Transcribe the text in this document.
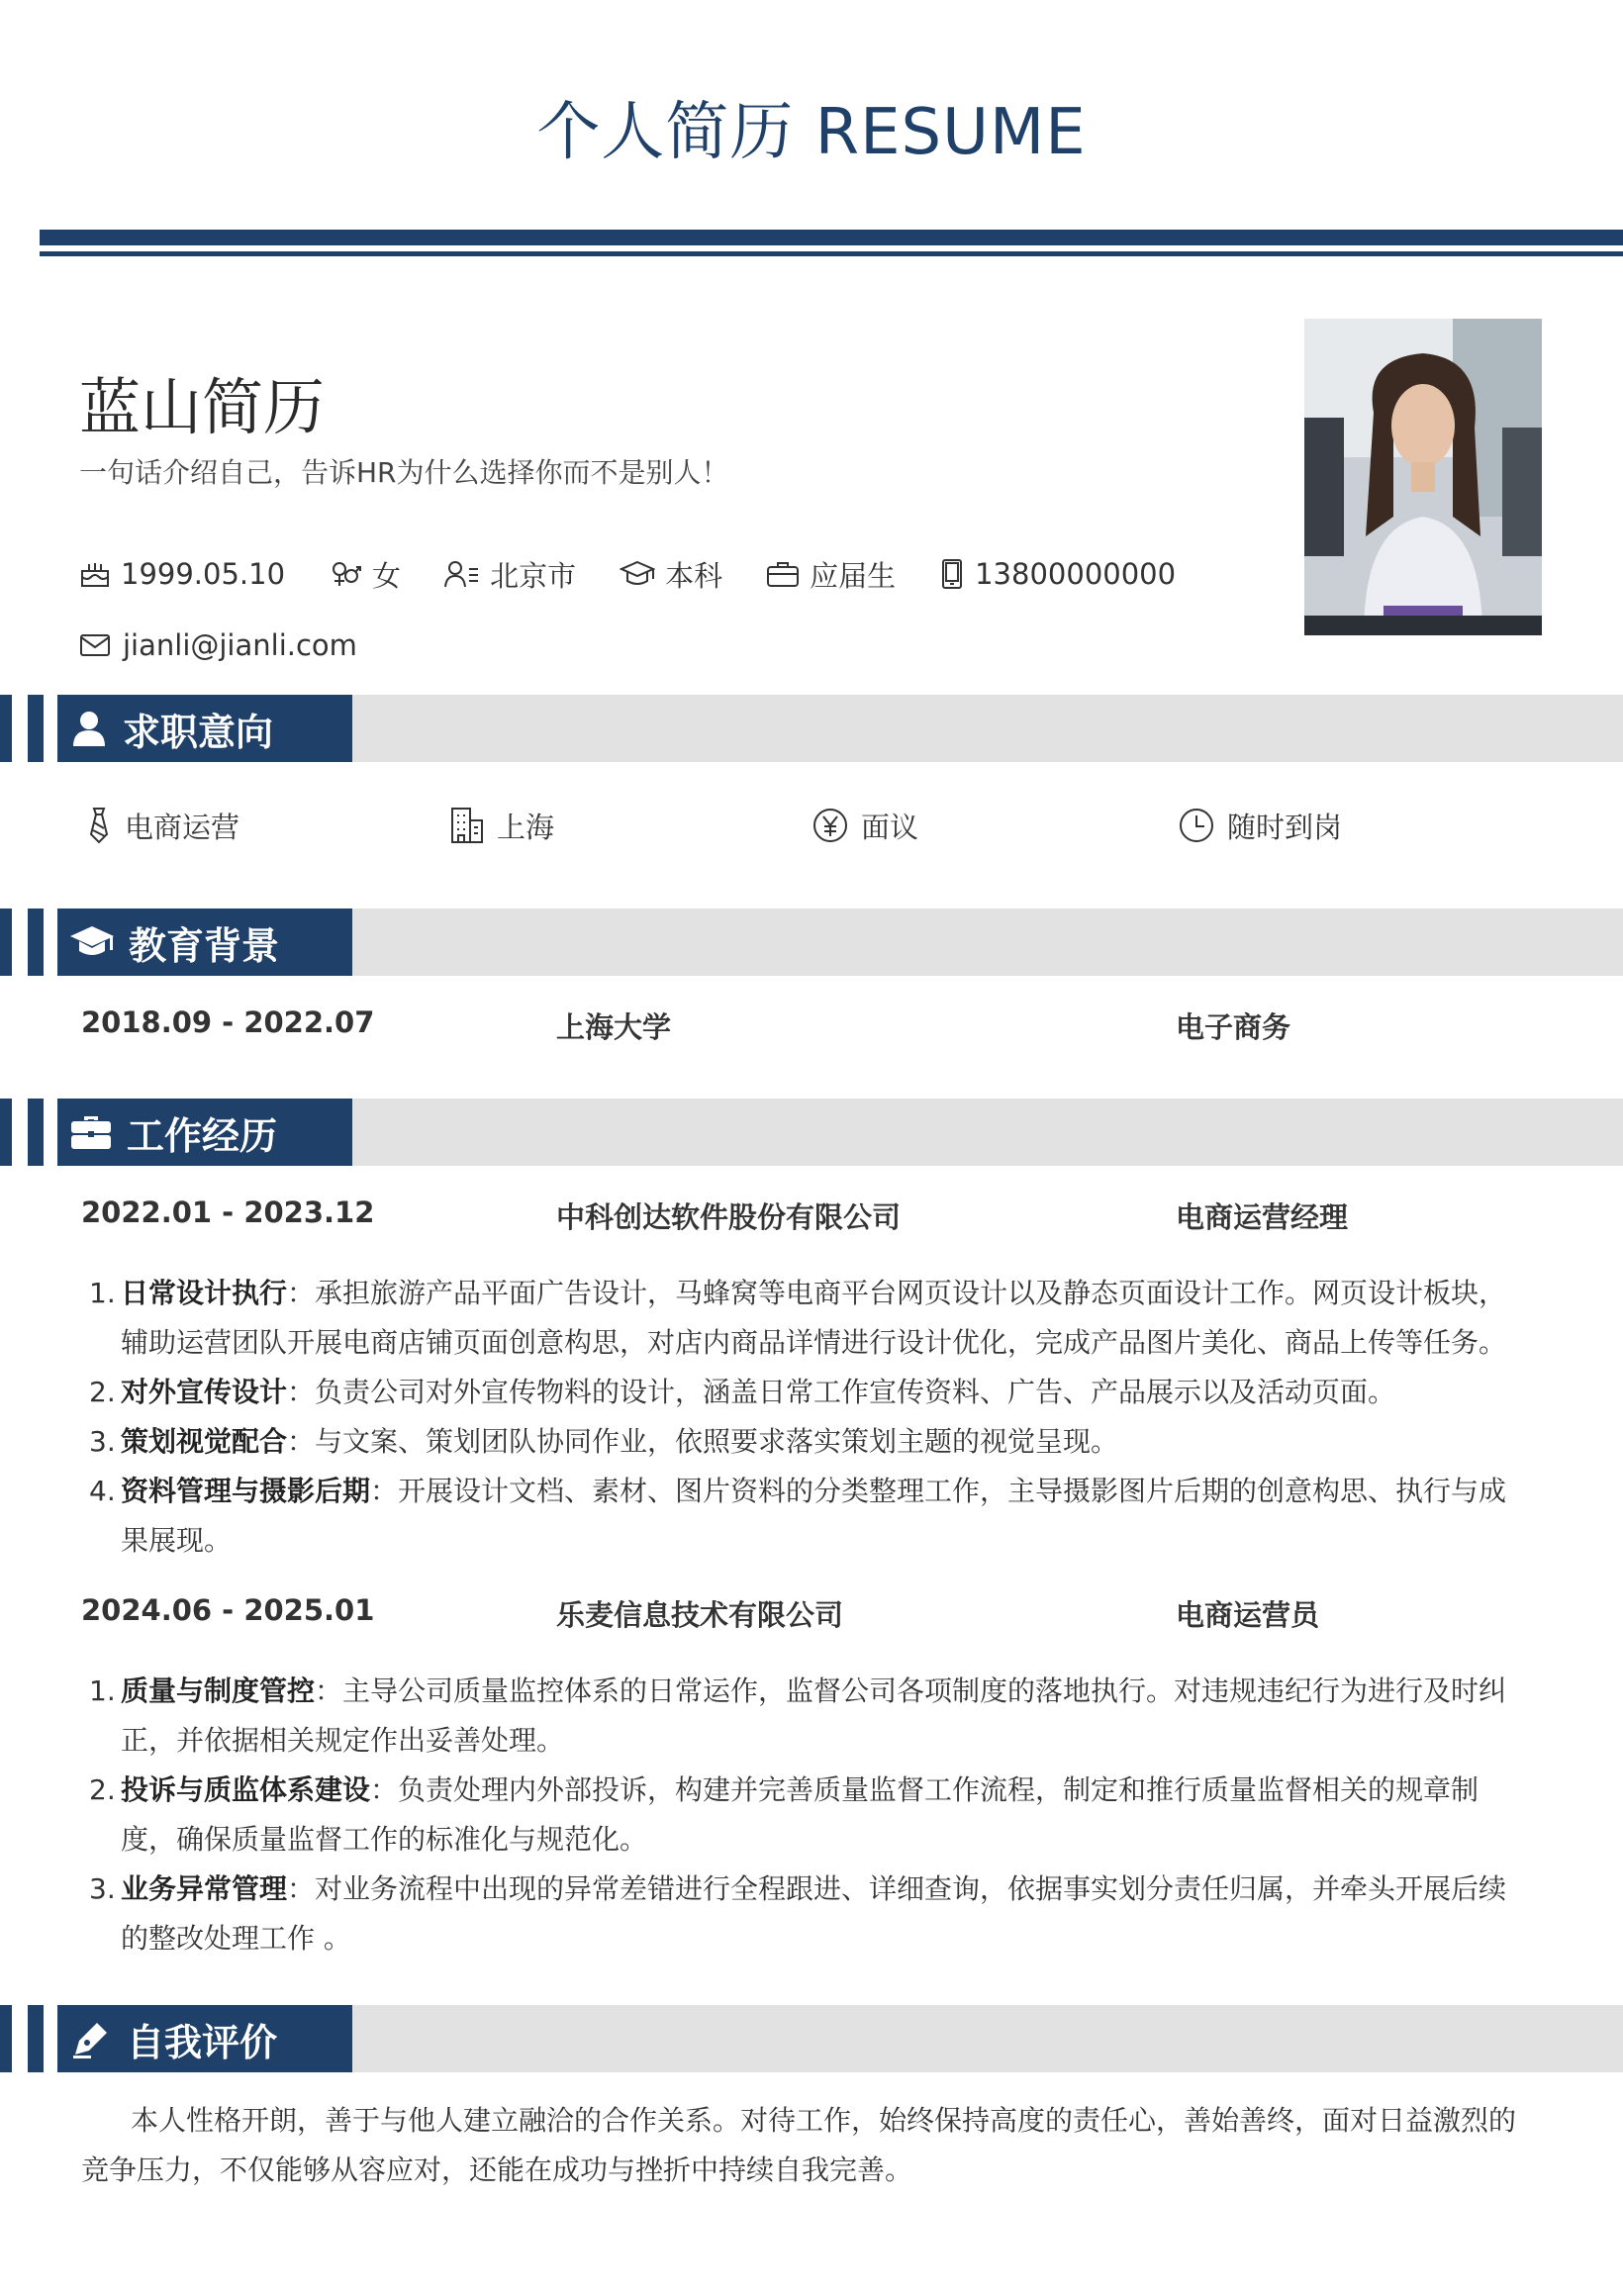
个人简历 RESUME
蓝山简历
一句话介绍自己，告诉HR为什么选择你而不是别人！
1999.05.10	女	北京市	本科	应届生	13800000000
jianli@jianli.com
求职意向
电商运营	上海	面议	随时到岗
教育背景
2018.09 - 2022.07	上海大学	电子商务
工作经历
2022.01 - 2023.12	中科创达软件股份有限公司	电商运营经理
1. 日常设计执行：承担旅游产品平面广告设计，马蜂窝等电商平台网页设计以及静态页面设计工作。网页设计板块，辅助运营团队开展电商店铺页面创意构思，对店内商品详情进行设计优化，完成产品图片美化、商品上传等任务。
2. 对外宣传设计：负责公司对外宣传物料的设计，涵盖日常工作宣传资料、广告、产品展示以及活动页面。
3. 策划视觉配合：与文案、策划团队协同作业，依照要求落实策划主题的视觉呈现。
4. 资料管理与摄影后期：开展设计文档、素材、图片资料的分类整理工作，主导摄影图片后期的创意构思、执行与成果展现。
2024.06 - 2025.01	乐麦信息技术有限公司	电商运营员
1. 质量与制度管控：主导公司质量监控体系的日常运作，监督公司各项制度的落地执行。对违规违纪行为进行及时纠正，并依据相关规定作出妥善处理。
2. 投诉与质监体系建设：负责处理内外部投诉，构建并完善质量监督工作流程，制定和推行质量监督相关的规章制度，确保质量监督工作的标准化与规范化。
3. 业务异常管理：对业务流程中出现的异常差错进行全程跟进、详细查询，依据事实划分责任归属，并牵头开展后续的整改处理工作 。
自我评价
本人性格开朗，善于与他人建立融洽的合作关系。对待工作，始终保持高度的责任心，善始善终，面对日益激烈的竞争压力，不仅能够从容应对，还能在成功与挫折中持续自我完善。
